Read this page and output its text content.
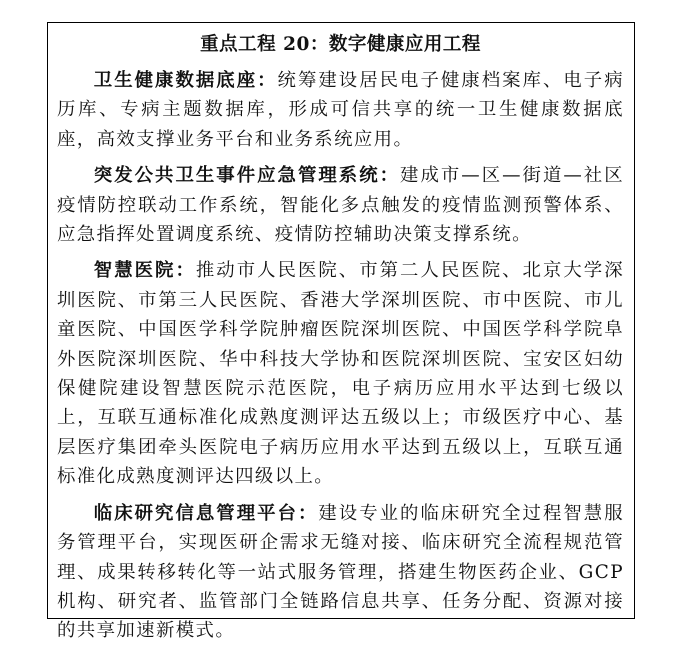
重点工程 20：数字健康应用工程

卫生健康数据底座：统筹建设居民电子健康档案库、电子病历库、专病主题数据库，形成可信共享的统一卫生健康数据底座，高效支撑业务平台和业务系统应用。

突发公共卫生事件应急管理系统：建成市—区—街道—社区疫情防控联动工作系统，智能化多点触发的疫情监测预警体系、应急指挥处置调度系统、疫情防控辅助决策支撑系统。

智慧医院：推动市人民医院、市第二人民医院、北京大学深圳医院、市第三人民医院、香港大学深圳医院、市中医院、市儿童医院、中国医学科学院肿瘤医院深圳医院、中国医学科学院阜外医院深圳医院、华中科技大学协和医院深圳医院、宝安区妇幼保健院建设智慧医院示范医院，电子病历应用水平达到七级以上，互联互通标准化成熟度测评达五级以上；市级医疗中心、基层医疗集团牵头医院电子病历应用水平达到五级以上，互联互通标准化成熟度测评达四级以上。

临床研究信息管理平台：建设专业的临床研究全过程智慧服务管理平台，实现医研企需求无缝对接、临床研究全流程规范管理、成果转移转化等一站式服务管理，搭建生物医药企业、GCP 机构、研究者、监管部门全链路信息共享、任务分配、资源对接的共享加速新模式。
